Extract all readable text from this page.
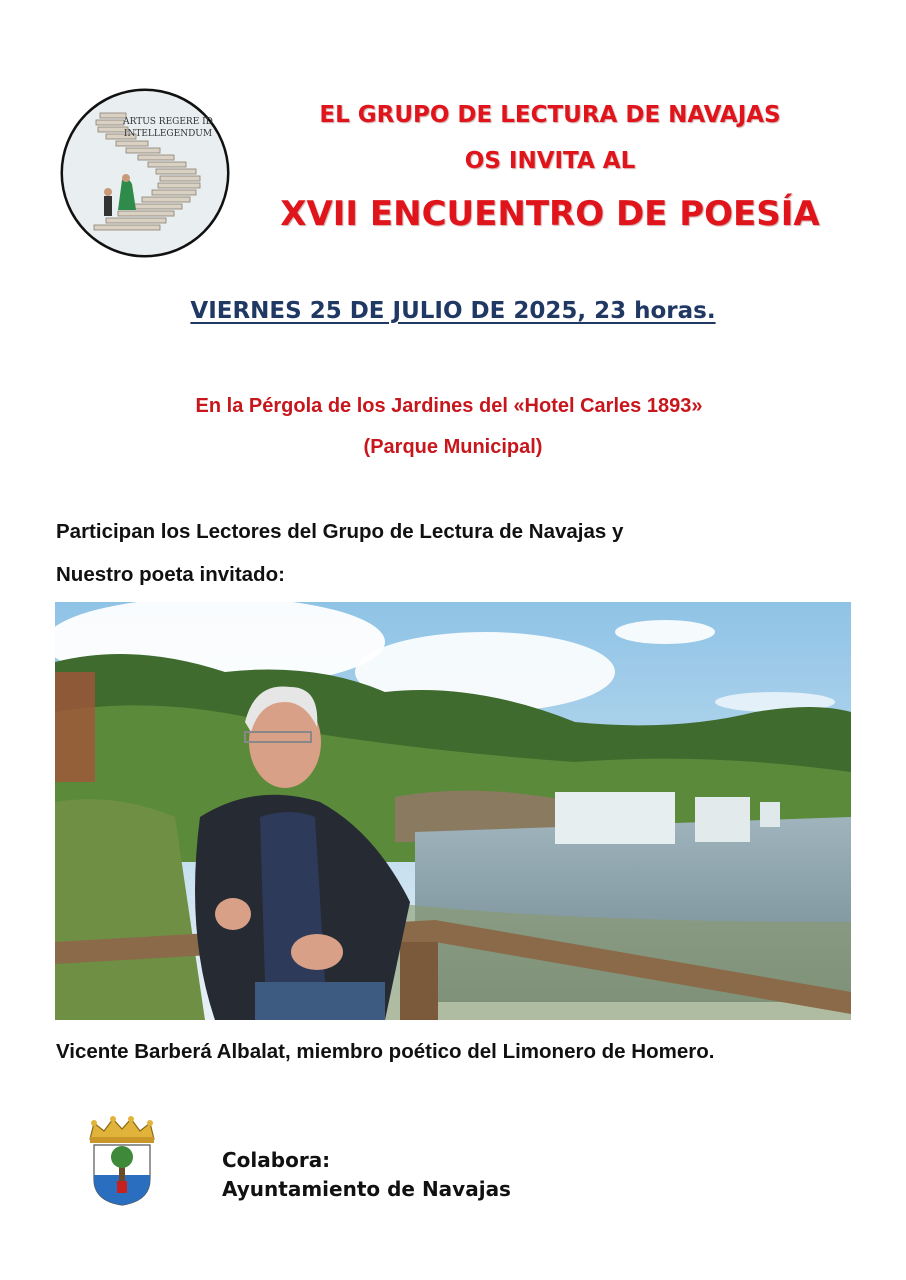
ARTUS REGERE ID
INTELLEGENDUM
EL GRUPO DE LECTURA DE NAVAJAS
OS INVITA AL
XVII ENCUENTRO DE POESÍA
VIERNES 25 DE JULIO DE 2025, 23 horas.
En la Pérgola de los Jardines del «Hotel Carles 1893»
(Parque Municipal)
Participan los Lectores del Grupo de Lectura de Navajas y
Nuestro poeta invitado:
Vicente Barberá Albalat, miembro poético del Limonero de Homero.
Colabora:
Ayuntamiento de Navajas
